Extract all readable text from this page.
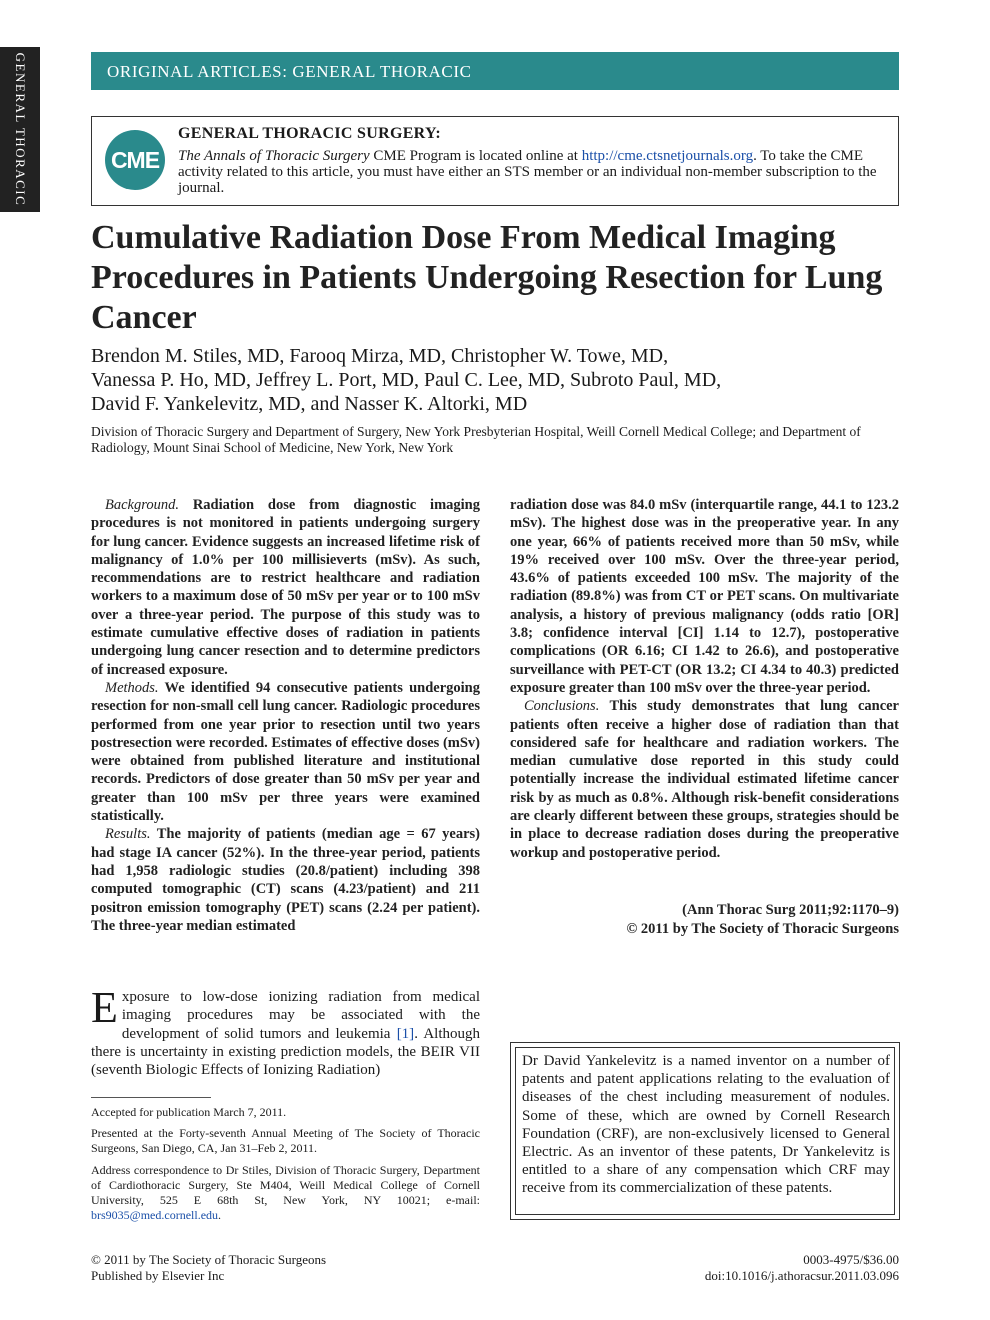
GENERAL THORACIC	ORIGINAL ARTICLES: GENERAL THORACIC
CME
GENERAL THORACIC SURGERY:
The Annals of Thoracic Surgery CME Program is located online at http://cme.ctsnetjournals.org. To take the CME activity related to this article, you must have either an STS member or an individual non-member subscription to the journal.
Cumulative Radiation Dose From Medical Imaging Procedures in Patients Undergoing Resection for Lung Cancer
Brendon M. Stiles, MD, Farooq Mirza, MD, Christopher W. Towe, MD,
Vanessa P. Ho, MD, Jeffrey L. Port, MD, Paul C. Lee, MD, Subroto Paul, MD,
David F. Yankelevitz, MD, and Nasser K. Altorki, MD
Division of Thoracic Surgery and Department of Surgery, New York Presbyterian Hospital, Weill Cornell Medical College; and Department of Radiology, Mount Sinai School of Medicine, New York, New York

Background. Radiation dose from diagnostic imaging procedures is not monitored in patients undergoing surgery for lung cancer. Evidence suggests an increased lifetime risk of malignancy of 1.0% per 100 millisieverts (mSv). As such, recommendations are to restrict healthcare and radiation workers to a maximum dose of 50 mSv per year or to 100 mSv over a three-year period. The purpose of this study was to estimate cumulative effective doses of radiation in patients undergoing lung cancer resection and to determine predictors of increased exposure.

Methods. We identified 94 consecutive patients undergoing resection for non-small cell lung cancer. Radiologic procedures performed from one year prior to resection until two years postresection were recorded. Estimates of effective doses (mSv) were obtained from published literature and institutional records. Predictors of dose greater than 50 mSv per year and greater than 100 mSv per three years were examined statistically.

Results. The majority of patients (median age = 67 years) had stage IA cancer (52%). In the three-year period, patients had 1,958 radiologic studies (20.8/patient) including 398 computed tomographic (CT) scans (4.23/patient) and 211 positron emission tomography (PET) scans (2.24 per patient). The three-year median estimated

radiation dose was 84.0 mSv (interquartile range, 44.1 to 123.2 mSv). The highest dose was in the preoperative year. In any one year, 66% of patients received more than 50 mSv, while 19% received over 100 mSv. Over the three-year period, 43.6% of patients exceeded 100 mSv. The majority of the radiation (89.8%) was from CT or PET scans. On multivariate analysis, a history of previous malignancy (odds ratio [OR] 3.8; confidence interval [CI] 1.14 to 12.7), postoperative complications (OR 6.16; CI 1.42 to 26.6), and postoperative surveillance with PET-CT (OR 13.2; CI 4.34 to 40.3) predicted exposure greater than 100 mSv over the three-year period.

Conclusions. This study demonstrates that lung cancer patients often receive a higher dose of radiation than that considered safe for healthcare and radiation workers. The median cumulative dose reported in this study could potentially increase the individual estimated lifetime cancer risk by as much as 0.8%. Although risk-benefit considerations are clearly different between these groups, strategies should be in place to decrease radiation doses during the preoperative workup and postoperative period.

(Ann Thorac Surg 2011;92:1170–9)
© 2011 by The Society of Thoracic Surgeons

Exposure to low-dose ionizing radiation from medical imaging procedures may be associated with the development of solid tumors and leukemia [1]. Although there is uncertainty in existing prediction models, the BEIR VII (seventh Biologic Effects of Ionizing Radiation)

Accepted for publication March 7, 2011.

Presented at the Forty-seventh Annual Meeting of The Society of Thoracic Surgeons, San Diego, CA, Jan 31–Feb 2, 2011.

Address correspondence to Dr Stiles, Division of Thoracic Surgery, Department of Cardiothoracic Surgery, Ste M404, Weill Medical College of Cornell University, 525 E 68th St, New York, NY 10021; e-mail: brs9035@med.cornell.edu.

Dr David Yankelevitz is a named inventor on a number of patents and patent applications relating to the evaluation of diseases of the chest including measurement of nodules. Some of these, which are owned by Cornell Research Foundation (CRF), are non-exclusively licensed to General Electric. As an inventor of these patents, Dr Yankelevitz is entitled to a share of any compensation which CRF may receive from its commercialization of these patents.

© 2011 by The Society of Thoracic Surgeons
Published by Elsevier Inc
0003-4975/$36.00
doi:10.1016/j.athoracsur.2011.03.096
